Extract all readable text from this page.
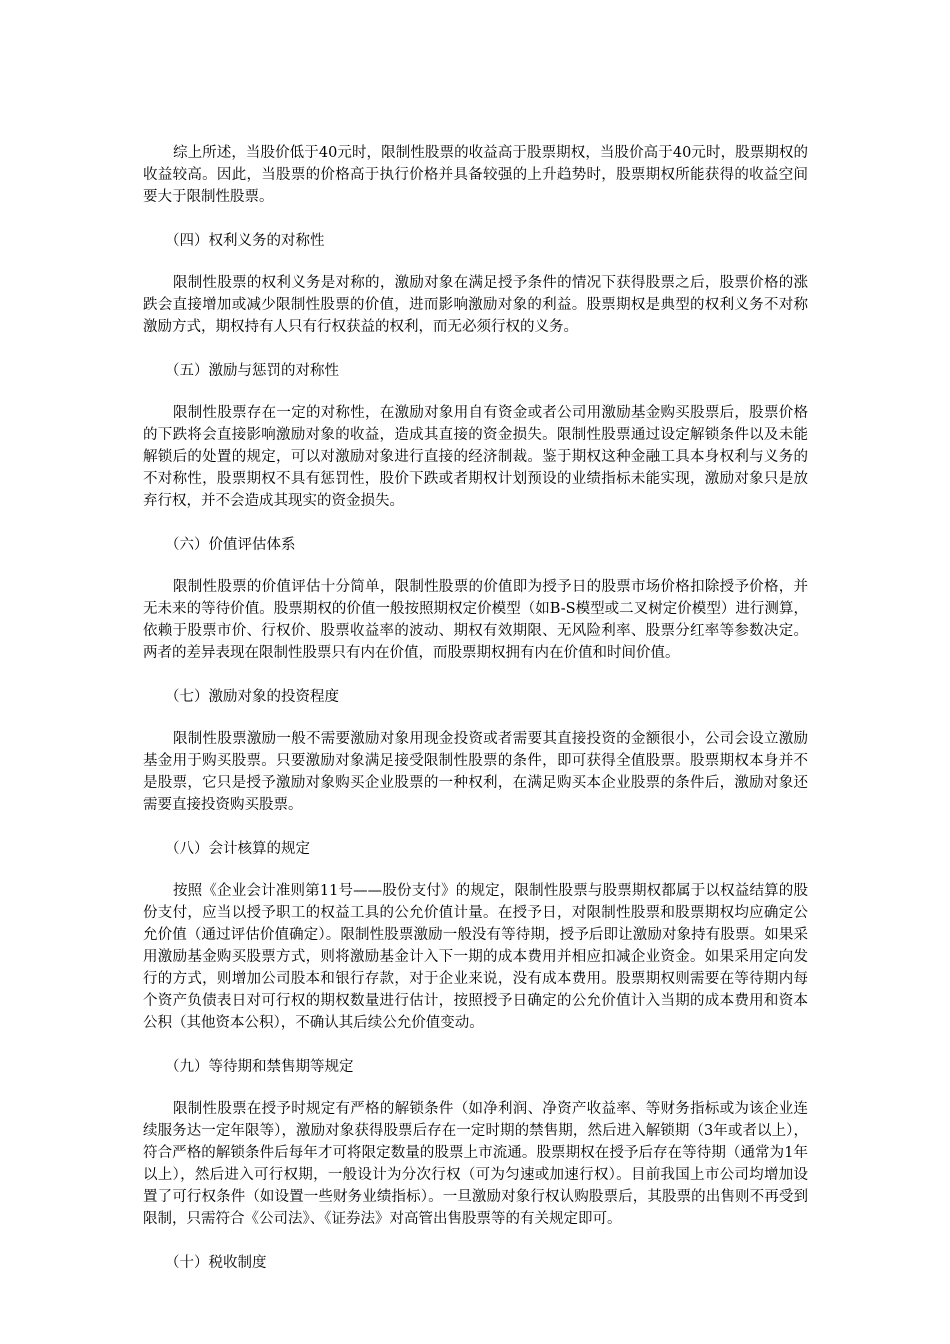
综上所述，当股价低于40元时，限制性股票的收益高于股票期权，当股价高于40元时，股票期权的收益较高。因此，当股票的价格高于执行价格并具备较强的上升趋势时，股票期权所能获得的收益空间要大于限制性股票。

（四）权利义务的对称性

限制性股票的权利义务是对称的，激励对象在满足授予条件的情况下获得股票之后，股票价格的涨跌会直接增加或减少限制性股票的价值，进而影响激励对象的利益。股票期权是典型的权利义务不对称激励方式，期权持有人只有行权获益的权利，而无必须行权的义务。

（五）激励与惩罚的对称性

限制性股票存在一定的对称性，在激励对象用自有资金或者公司用激励基金购买股票后，股票价格的下跌将会直接影响激励对象的收益，造成其直接的资金损失。限制性股票通过设定解锁条件以及未能解锁后的处置的规定，可以对激励对象进行直接的经济制裁。鉴于期权这种金融工具本身权利与义务的不对称性，股票期权不具有惩罚性，股价下跌或者期权计划预设的业绩指标未能实现，激励对象只是放弃行权，并不会造成其现实的资金损失。

（六）价值评估体系

限制性股票的价值评估十分简单，限制性股票的价值即为授予日的股票市场价格扣除授予价格，并无未来的等待价值。股票期权的价值一般按照期权定价模型（如B-S模型或二叉树定价模型）进行测算，依赖于股票市价、行权价、股票收益率的波动、期权有效期限、无风险利率、股票分红率等参数决定。两者的差异表现在限制性股票只有内在价值，而股票期权拥有内在价值和时间价值。

（七）激励对象的投资程度

限制性股票激励一般不需要激励对象用现金投资或者需要其直接投资的金额很小，公司会设立激励基金用于购买股票。只要激励对象满足接受限制性股票的条件，即可获得全值股票。股票期权本身并不是股票，它只是授予激励对象购买企业股票的一种权利，在满足购买本企业股票的条件后，激励对象还需要直接投资购买股票。

（八）会计核算的规定

按照《企业会计准则第11号——股份支付》的规定，限制性股票与股票期权都属于以权益结算的股份支付，应当以授予职工的权益工具的公允价值计量。在授予日，对限制性股票和股票期权均应确定公允价值（通过评估价值确定）。限制性股票激励一般没有等待期，授予后即让激励对象持有股票。如果采用激励基金购买股票方式，则将激励基金计入下一期的成本费用并相应扣减企业资金。如果采用定向发行的方式，则增加公司股本和银行存款，对于企业来说，没有成本费用。股票期权则需要在等待期内每个资产负债表日对可行权的期权数量进行估计，按照授予日确定的公允价值计入当期的成本费用和资本公积（其他资本公积），不确认其后续公允价值变动。

（九）等待期和禁售期等规定

限制性股票在授予时规定有严格的解锁条件（如净利润、净资产收益率、等财务指标或为该企业连续服务达一定年限等），激励对象获得股票后存在一定时期的禁售期，然后进入解锁期（3年或者以上），符合严格的解锁条件后每年才可将限定数量的股票上市流通。股票期权在授予后存在等待期（通常为1年以上），然后进入可行权期，一般设计为分次行权（可为匀速或加速行权）。目前我国上市公司均增加设置了可行权条件（如设置一些财务业绩指标）。一旦激励对象行权认购股票后，其股票的出售则不再受到限制，只需符合《公司法》、《证券法》对高管出售股票等的有关规定即可。

（十）税收制度
